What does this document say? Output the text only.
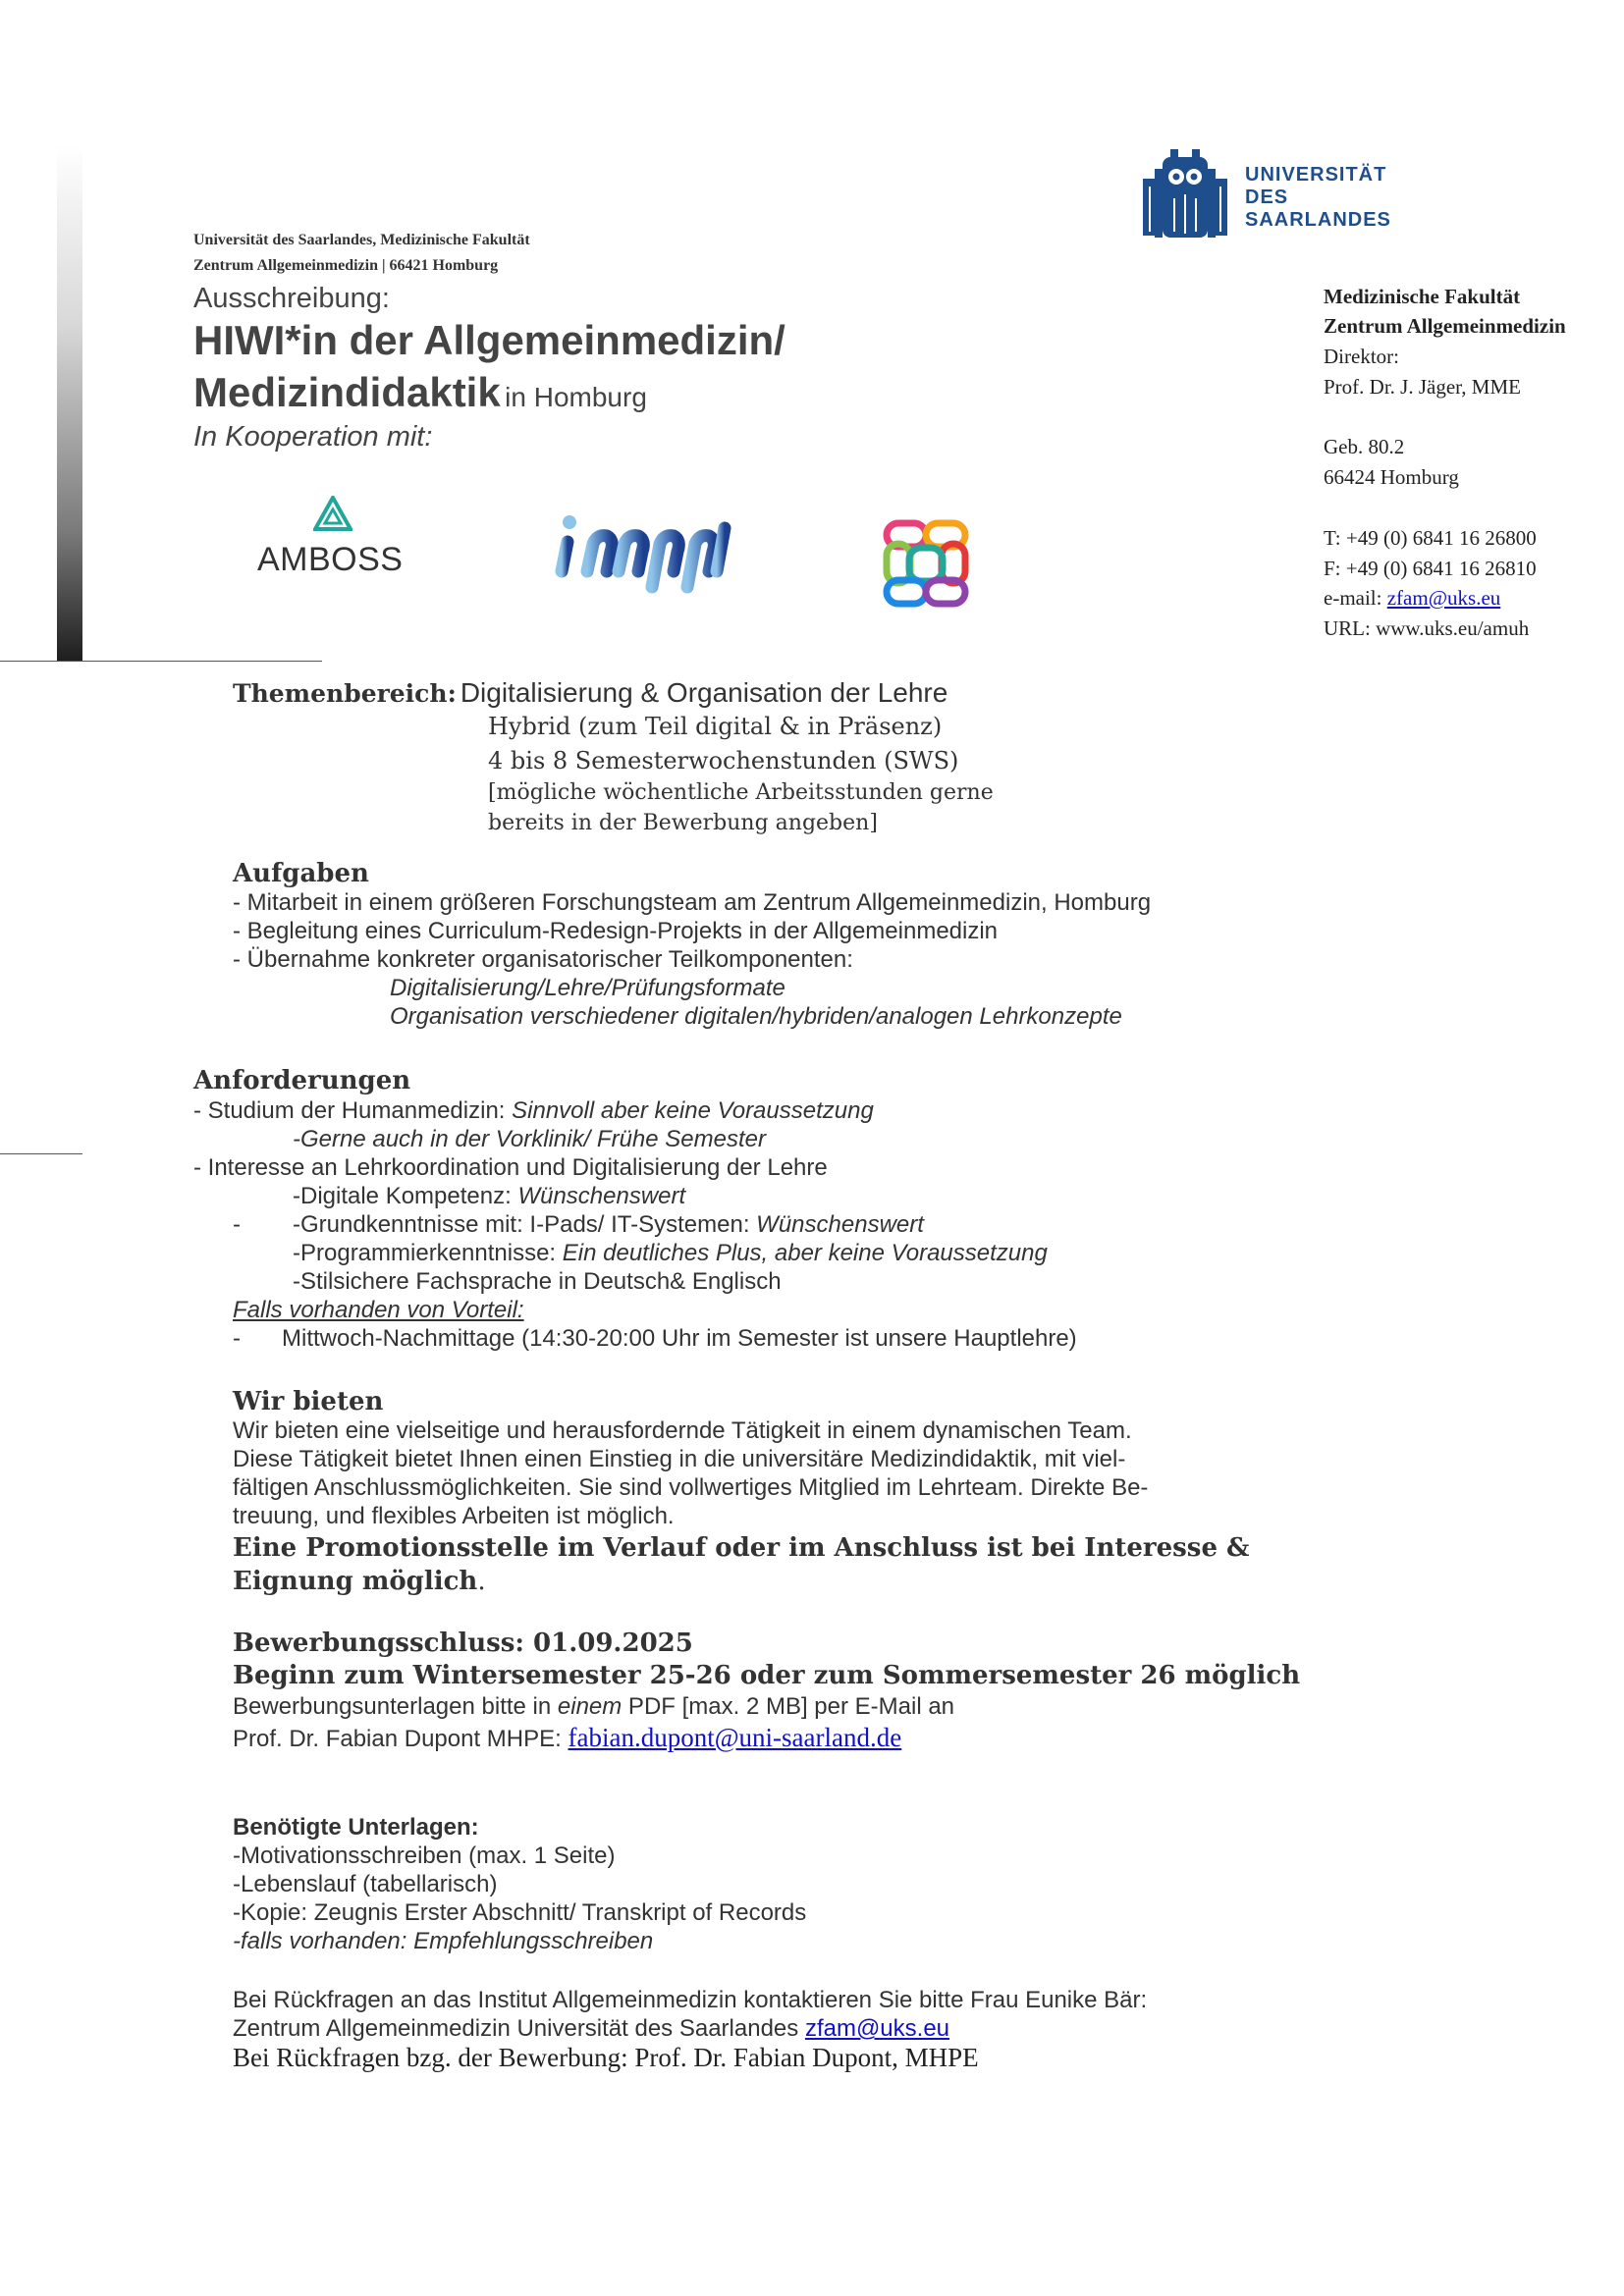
Universität des Saarlandes, Medizinische Fakultät
Zentrum Allgemeinmedizin | 66421 Homburg
Ausschreibung:
HIWI*in der Allgemeinmedizin/
Medizindidaktik in Homburg
In Kooperation mit:
UNIVERSITÄT
DES
SAARLANDES
Medizinische Fakultät
Zentrum Allgemeinmedizin
Direktor:
Prof. Dr. J. Jäger, MME
Geb. 80.2
66424 Homburg
T: +49 (0) 6841 16 26800
F: +49 (0) 6841 16 26810
e-mail: zfam@uks.eu
URL: www.uks.eu/amuh
AMBOSS
Themenbereich: Digitalisierung & Organisation der Lehre
Hybrid (zum Teil digital & in Präsenz)
4 bis 8 Semesterwochenstunden (SWS)
[mögliche wöchentliche Arbeitsstunden gerne
bereits in der Bewerbung angeben]
Aufgaben
- Mitarbeit in einem größeren Forschungsteam am Zentrum Allgemeinmedizin, Homburg
- Begleitung eines Curriculum-Redesign-Projekts in der Allgemeinmedizin
- Übernahme konkreter organisatorischer Teilkomponenten:
Digitalisierung/Lehre/Prüfungsformate
Organisation verschiedener digitalen/hybriden/analogen Lehrkonzepte
Anforderungen
- Studium der Humanmedizin: Sinnvoll aber keine Voraussetzung
-Gerne auch in der Vorklinik/ Frühe Semester
- Interesse an Lehrkoordination und Digitalisierung der Lehre
-Digitale Kompetenz: Wünschenswert
- -Grundkenntnisse mit: I-Pads/ IT-Systemen: Wünschenswert
-Programmierkenntnisse: Ein deutliches Plus, aber keine Voraussetzung
-Stilsichere Fachsprache in Deutsch& Englisch
Falls vorhanden von Vorteil:
- Mittwoch-Nachmittage (14:30-20:00 Uhr im Semester ist unsere Hauptlehre)
Wir bieten
Wir bieten eine vielseitige und herausfordernde Tätigkeit in einem dynamischen Team.
Diese Tätigkeit bietet Ihnen einen Einstieg in die universitäre Medizindidaktik, mit viel-
fältigen Anschlussmöglichkeiten. Sie sind vollwertiges Mitglied im Lehrteam. Direkte Be-
treuung, und flexibles Arbeiten ist möglich.
Eine Promotionsstelle im Verlauf oder im Anschluss ist bei Interesse &
Eignung möglich.
Bewerbungsschluss: 01.09.2025
Beginn zum Wintersemester 25-26 oder zum Sommersemester 26 möglich
Bewerbungsunterlagen bitte in einem PDF [max. 2 MB] per E-Mail an
Prof. Dr. Fabian Dupont MHPE: fabian.dupont@uni-saarland.de
Benötigte Unterlagen:
-Motivationsschreiben (max. 1 Seite)
-Lebenslauf (tabellarisch)
-Kopie: Zeugnis Erster Abschnitt/ Transkript of Records
-falls vorhanden: Empfehlungsschreiben
Bei Rückfragen an das Institut Allgemeinmedizin kontaktieren Sie bitte Frau Eunike Bär:
Zentrum Allgemeinmedizin Universität des Saarlandes zfam@uks.eu
Bei Rückfragen bzg. der Bewerbung: Prof. Dr. Fabian Dupont, MHPE
